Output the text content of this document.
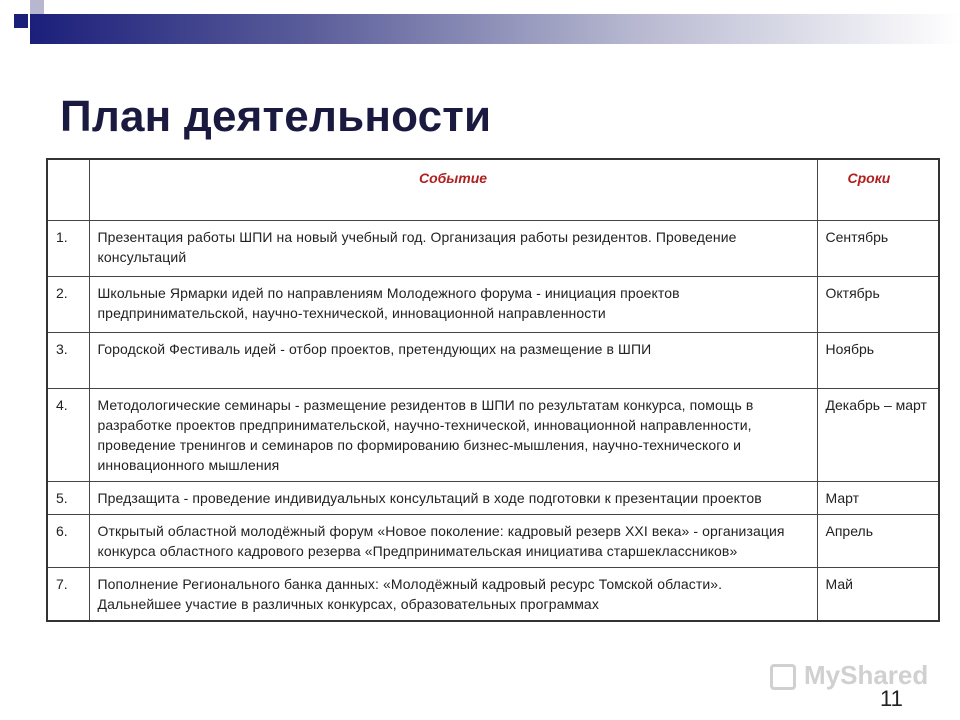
План деятельности
	Событие	Сроки
1.	Презентация работы ШПИ на новый учебный год. Организация работы резидентов. Проведение консультаций	Сентябрь
2.	Школьные Ярмарки идей по направлениям Молодежного форума - инициация проектов предпринимательской, научно-технической, инновационной направленности	Октябрь
3.	Городской Фестиваль идей - отбор проектов, претендующих на размещение в ШПИ	Ноябрь
4.	Методологические семинары - размещение резидентов в ШПИ по результатам конкурса, помощь в разработке проектов предпринимательской, научно-технической, инновационной направленности, проведение тренингов и семинаров по формированию бизнес-мышления, научно-технического и инновационного мышления	Декабрь – март
5.	Предзащита - проведение индивидуальных консультаций в ходе подготовки к презентации проектов	Март
6.	Открытый областной молодёжный форум «Новое поколение: кадровый резерв XXI века» - организация конкурса областного кадрового резерва «Предпринимательская инициатива старшеклассников»	Апрель
7.	Пополнение Регионального банка данных: «Молодёжный кадровый ресурс Томской области». Дальнейшее участие в различных конкурсах, образовательных программах	Май
MyShared
11
